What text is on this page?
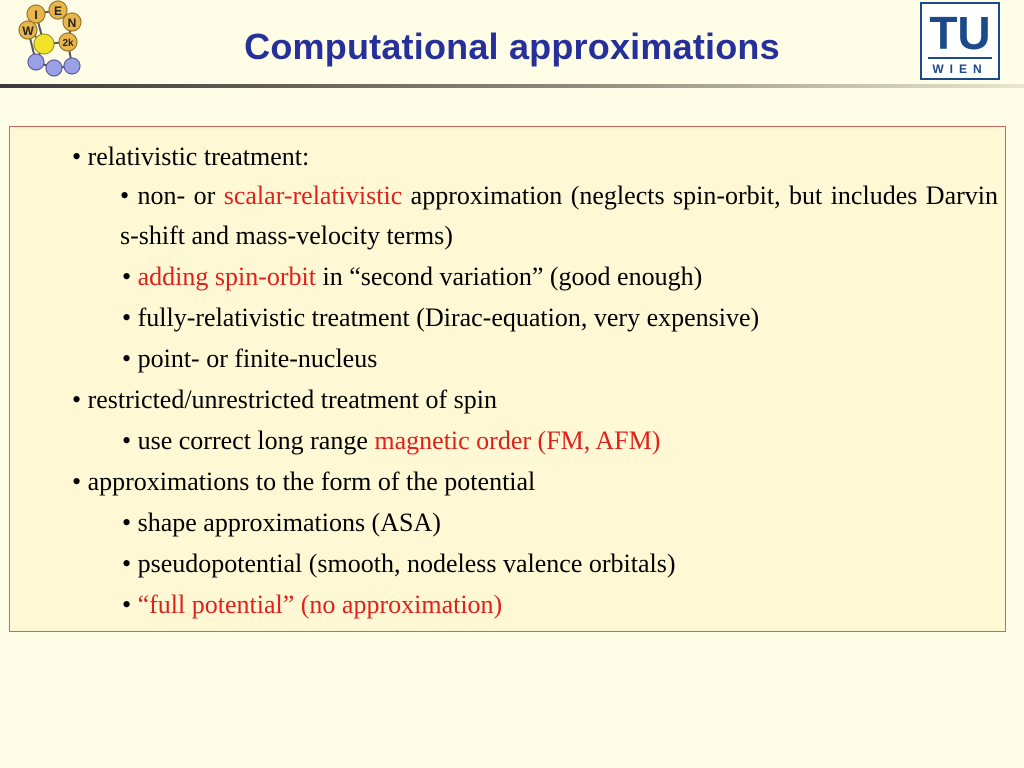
I E
W
N
2k	Computational approximations	TU
WIEN
• relativistic treatment:
• non- or scalar-relativistic approximation (neglects spin-orbit, but includes Darvin s-shift and mass-velocity terms)
• adding spin-orbit in “second variation” (good enough)
• fully-relativistic treatment (Dirac-equation, very expensive)
• point- or finite-nucleus
• restricted/unrestricted treatment of spin
• use correct long range magnetic order (FM, AFM)
• approximations to the form of the potential
• shape approximations (ASA)
• pseudopotential (smooth, nodeless valence orbitals)
• “full potential” (no approximation)
